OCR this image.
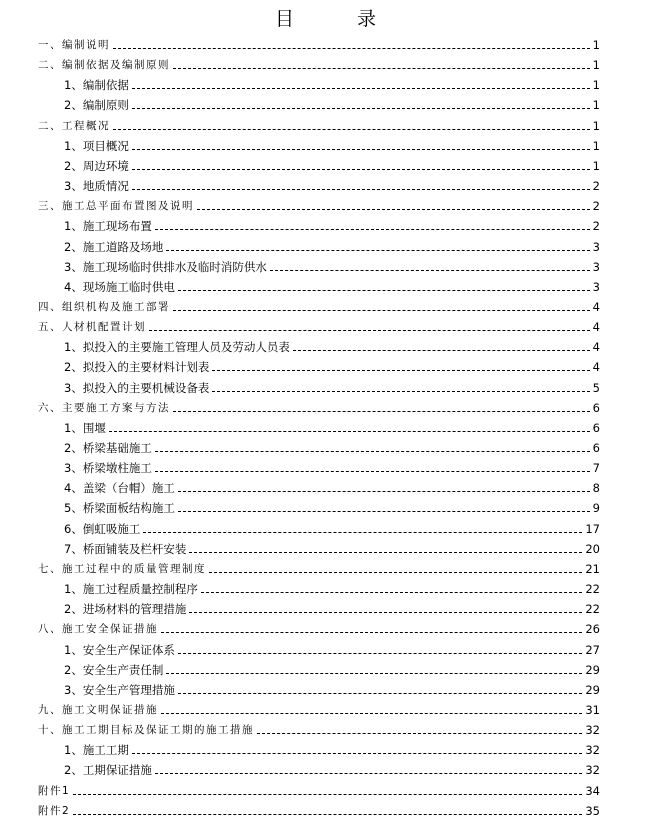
目　录
一、编制说明	1
二、编制依据及编制原则	1
1、编制依据	1
2、编制原则	1
二、工程概况	1
1、项目概况	1
2、周边环境	1
3、地质情况	2
三、施工总平面布置图及说明	2
1、施工现场布置	2
2、施工道路及场地	3
3、施工现场临时供排水及临时消防供水	3
4、现场施工临时供电	3
四、组织机构及施工部署	4
五、人材机配置计划	4
1、拟投入的主要施工管理人员及劳动人员表	4
2、拟投入的主要材料计划表	4
3、拟投入的主要机械设备表	5
六、主要施工方案与方法	6
1、围堰	6
2、桥梁基础施工	6
3、桥梁墩柱施工	7
4、盖梁（台帽）施工	8
5、桥梁面板结构施工	9
6、倒虹吸施工	17
7、桥面铺装及栏杆安装	20
七、施工过程中的质量管理制度	21
1、施工过程质量控制程序	22
2、进场材料的管理措施	22
八、施工安全保证措施	26
1、安全生产保证体系	27
2、安全生产责任制	29
3、安全生产管理措施	29
九、施工文明保证措施	31
十、施工工期目标及保证工期的施工措施	32
1、施工工期	32
2、工期保证措施	32
附件1	34
附件2	35
